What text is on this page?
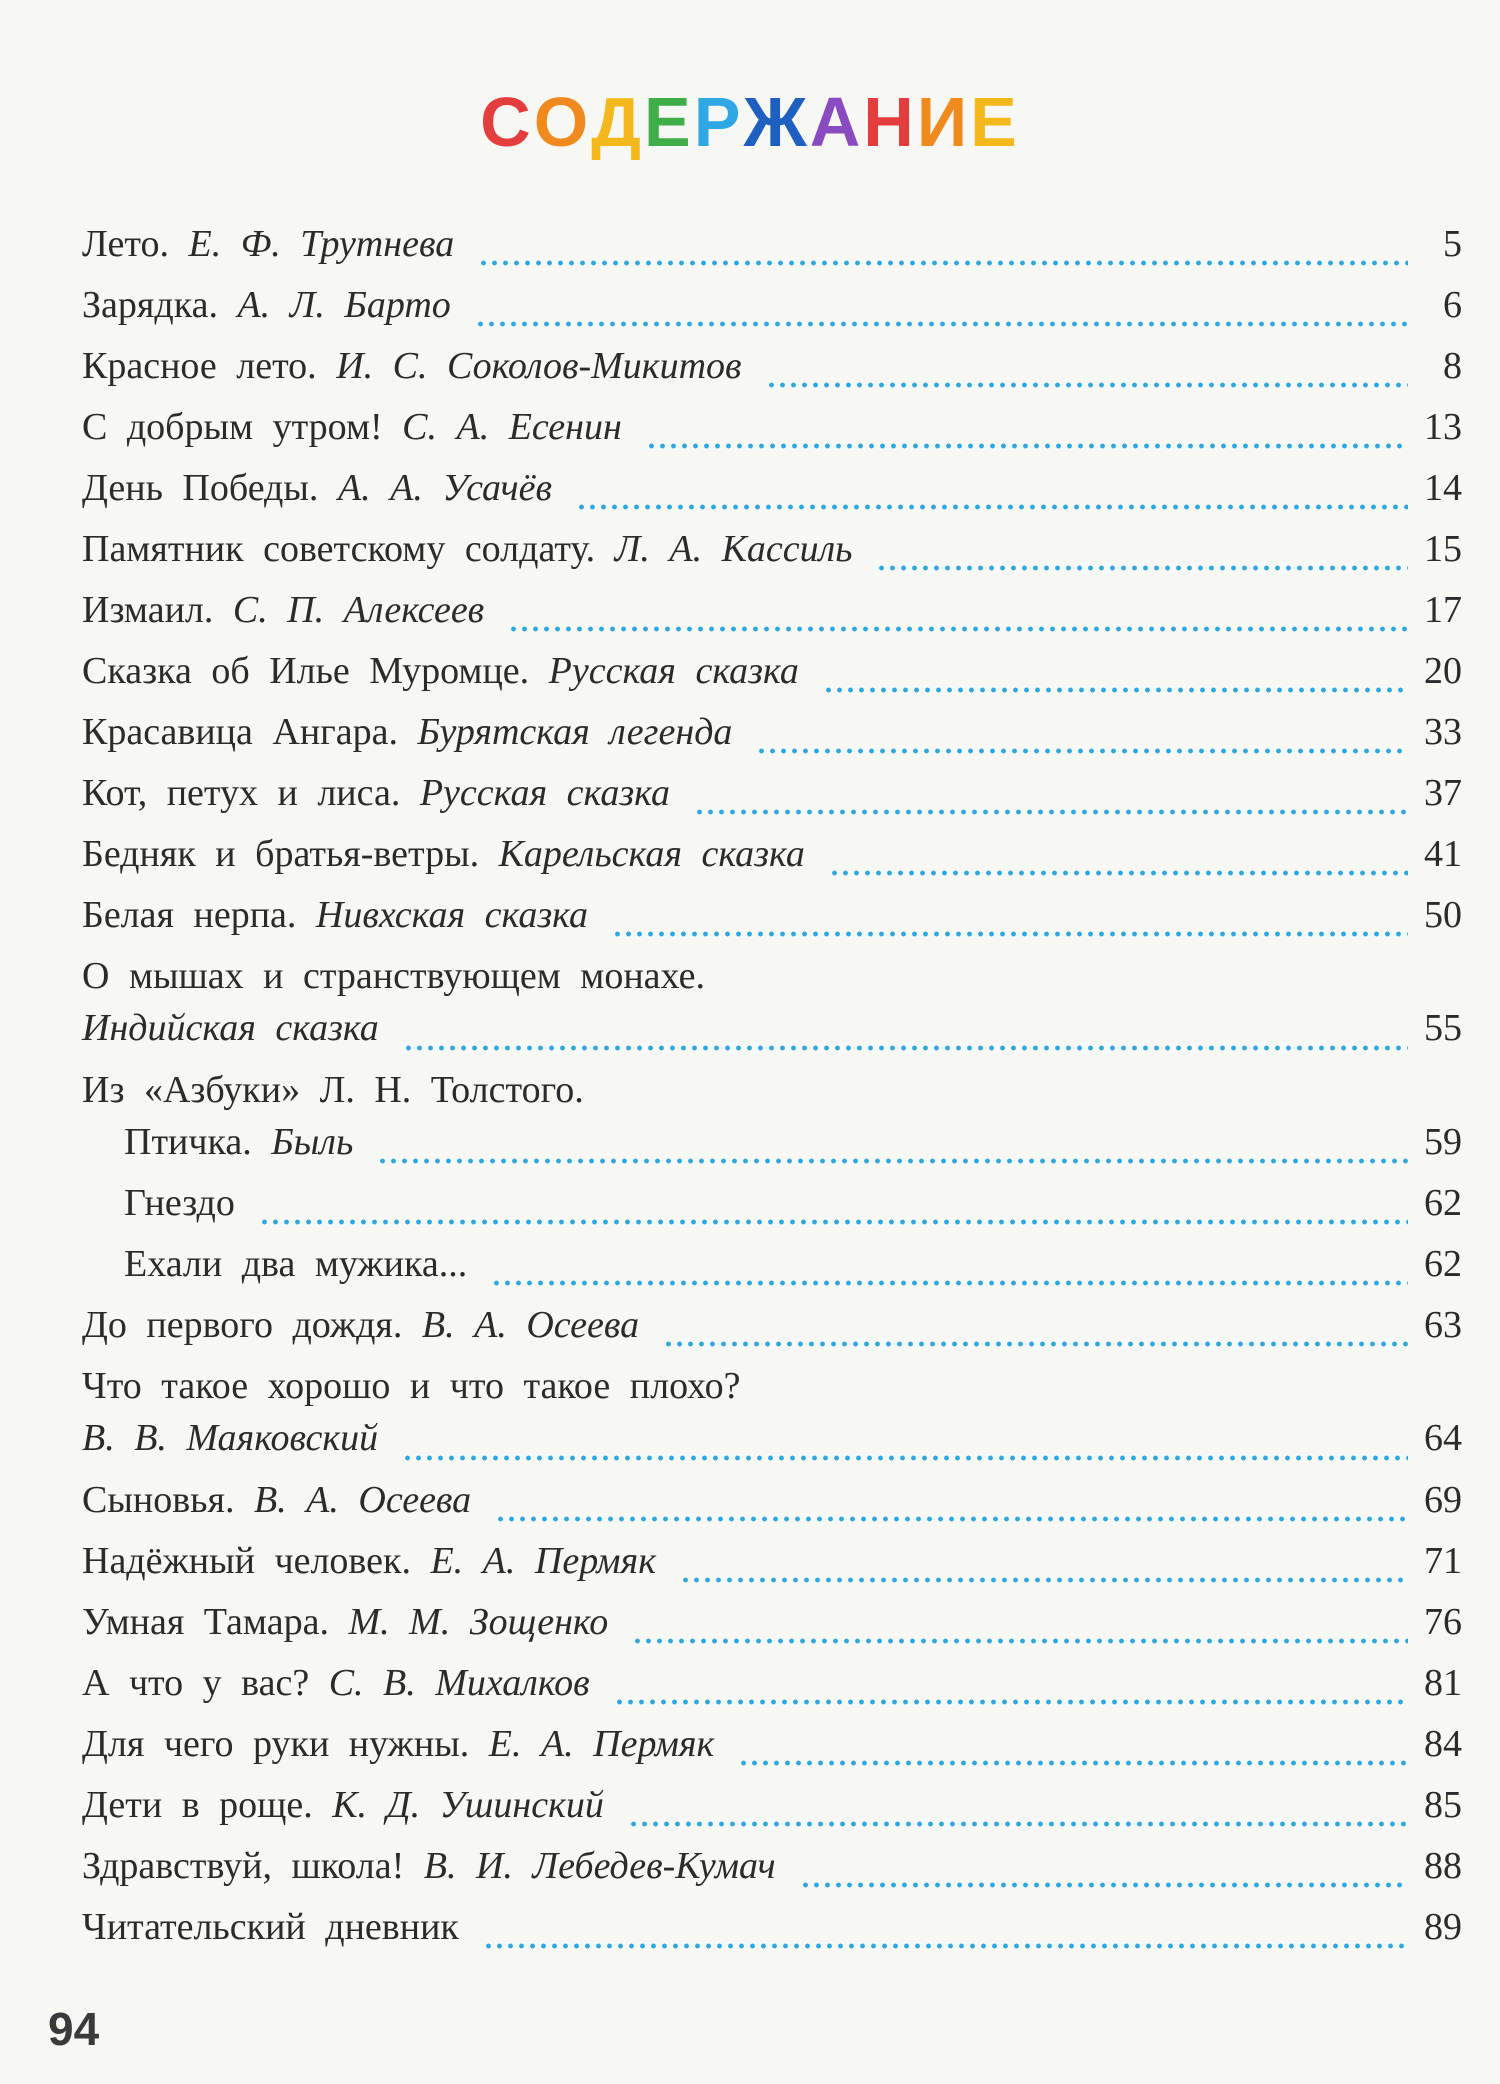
СОДЕРЖАНИЕ
Лето. Е. Ф. Трутнева	5
Зарядка. А. Л. Барто	6
Красное лето. И. С. Соколов-Микитов	8
С добрым утром! С. А. Есенин	13
День Победы. А. А. Усачёв	14
Памятник советскому солдату. Л. А. Кассиль	15
Измаил. С. П. Алексеев	17
Сказка об Илье Муромце. Русская сказка	20
Красавица Ангара. Бурятская легенда	33
Кот, петух и лиса. Русская сказка	37
Бедняк и братья-ветры. Карельская сказка	41
Белая нерпа. Нивхская сказка	50
О мышах и странствующем монахе.
Индийская сказка	55
Из «Азбуки» Л. Н. Толстого.
Птичка. Быль	59
Гнездо	62
Ехали два мужика...	62
До первого дождя. В. А. Осеева	63
Что такое хорошо и что такое плохо?
В. В. Маяковский	64
Сыновья. В. А. Осеева	69
Надёжный человек. Е. А. Пермяк	71
Умная Тамара. М. М. Зощенко	76
А что у вас? С. В. Михалков	81
Для чего руки нужны. Е. А. Пермяк	84
Дети в роще. К. Д. Ушинский	85
Здравствуй, школа! В. И. Лебедев-Кумач	88
Читательский дневник	89
94
